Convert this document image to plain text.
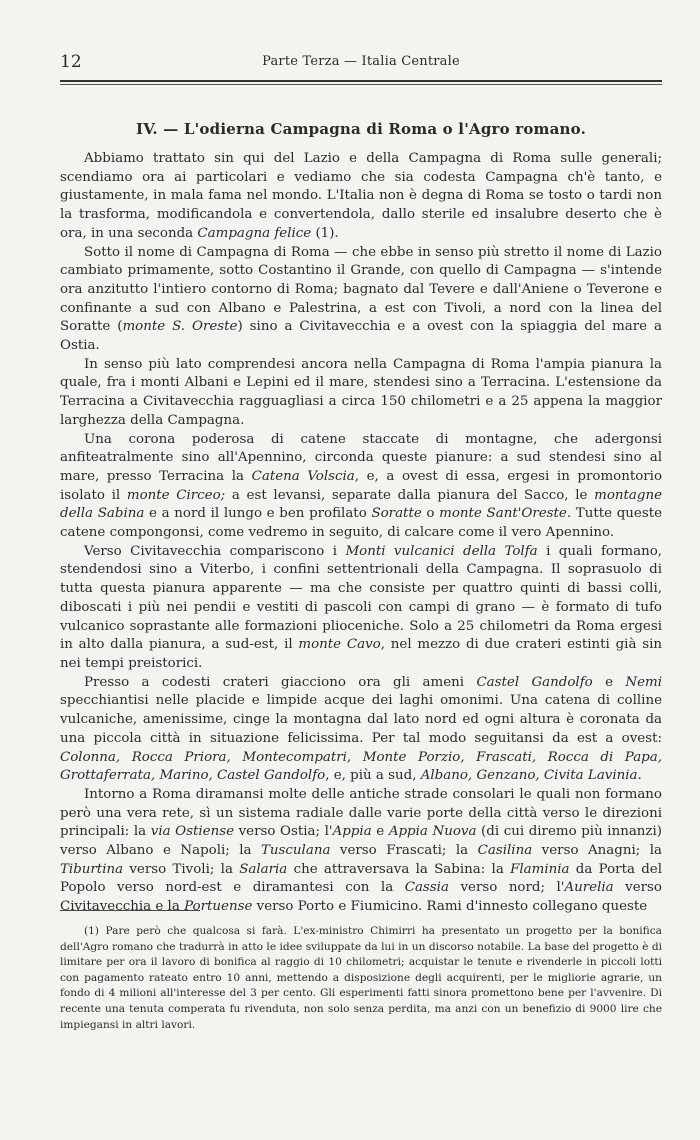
12	Parte Terza — Italia Centrale
IV. — L'odierna Campagna di Roma o l'Agro romano.

Abbiamo trattato sin qui del Lazio e della Campagna di Roma sulle generali; scendiamo ora ai particolari e vediamo che sia codesta Campagna ch'è tanto, e giustamente, in mala fama nel mondo. L'Italia non è degna di Roma se tosto o tardi non la trasforma, modificandola e convertendola, dallo sterile ed insalubre deserto che è ora, in una seconda Campagna felice (1).

Sotto il nome di Campagna di Roma — che ebbe in senso più stretto il nome di Lazio cambiato primamente, sotto Costantino il Grande, con quello di Campagna — s'intende ora anzitutto l'intiero contorno di Roma; bagnato dal Tevere e dall'Aniene o Teverone e confinante a sud con Albano e Palestrina, a est con Tivoli, a nord con la linea del Soratte (monte S. Oreste) sino a Civitavecchia e a ovest con la spiaggia del mare a Ostia.

In senso più lato comprendesi ancora nella Campagna di Roma l'ampia pianura la quale, fra i monti Albani e Lepini ed il mare, stendesi sino a Terracina. L'estensione da Terracina a Civitavecchia ragguagliasi a circa 150 chilometri e a 25 appena la maggior larghezza della Campagna.

Una corona poderosa di catene staccate di montagne, che adergonsi anfiteatralmente sino all'Apennino, circonda queste pianure: a sud stendesi sino al mare, presso Terracina la Catena Volscia, e, a ovest di essa, ergesi in promontorio isolato il monte Circeo; a est levansi, separate dalla pianura del Sacco, le montagne della Sabina e a nord il lungo e ben profilato Soratte o monte Sant'Oreste. Tutte queste catene compongonsi, come vedremo in seguito, di calcare come il vero Apennino.

Verso Civitavecchia compariscono i Monti vulcanici della Tolfa i quali formano, stendendosi sino a Viterbo, i confini settentrionali della Campagna. Il soprasuolo di tutta questa pianura apparente — ma che consiste per quattro quinti di bassi colli, diboscati i più nei pendii e vestiti di pascoli con campi di grano — è formato di tufo vulcanico soprastante alle formazioni plioceniche. Solo a 25 chilometri da Roma ergesi in alto dalla pianura, a sud-est, il monte Cavo, nel mezzo di due crateri estinti già sin nei tempi preistorici.

Presso a codesti crateri giacciono ora gli ameni Castel Gandolfo e Nemi specchiantisi nelle placide e limpide acque dei laghi omonimi. Una catena di colline vulcaniche, amenissime, cinge la montagna dal lato nord ed ogni altura è coronata da una piccola città in situazione felicissima. Per tal modo seguitansi da est a ovest: Colonna, Rocca Priora, Montecompatri, Monte Porzio, Frascati, Rocca di Papa, Grottaferrata, Marino, Castel Gandolfo, e, più a sud, Albano, Genzano, Civita Lavinia.

Intorno a Roma diramansi molte delle antiche strade consolari le quali non formano però una vera rete, sì un sistema radiale dalle varie porte della città verso le direzioni principali: la via Ostiense verso Ostia; l'Appia e Appia Nuova (di cui diremo più innanzi) verso Albano e Napoli; la Tusculana verso Frascati; la Casilina verso Anagni; la Tiburtina verso Tivoli; la Salaria che attraversava la Sabina: la Flaminia da Porta del Popolo verso nord-est e diramantesi con la Cassia verso nord; l'Aurelia verso Civitavecchia e la Portuense verso Porto e Fiumicino. Rami d'innesto collegano queste

(1) Pare però che qualcosa si farà. L'ex-ministro Chimirri ha presentato un progetto per la bonifica dell'Agro romano che tradurrà in atto le idee sviluppate da lui in un discorso notabile. La base del progetto è di limitare per ora il lavoro di bonifica al raggio di 10 chilometri; acquistar le tenute e rivenderle in piccoli lotti con pagamento rateato entro 10 anni, mettendo a disposizione degli acquirenti, per le migliorie agrarie, un fondo di 4 milioni all'interesse del 3 per cento. Gli esperimenti fatti sinora promettono bene per l'avvenire. Di recente una tenuta comperata fu rivenduta, non solo senza perdita, ma anzi con un benefizio di 9000 lire che impiegansi in altri lavori.
